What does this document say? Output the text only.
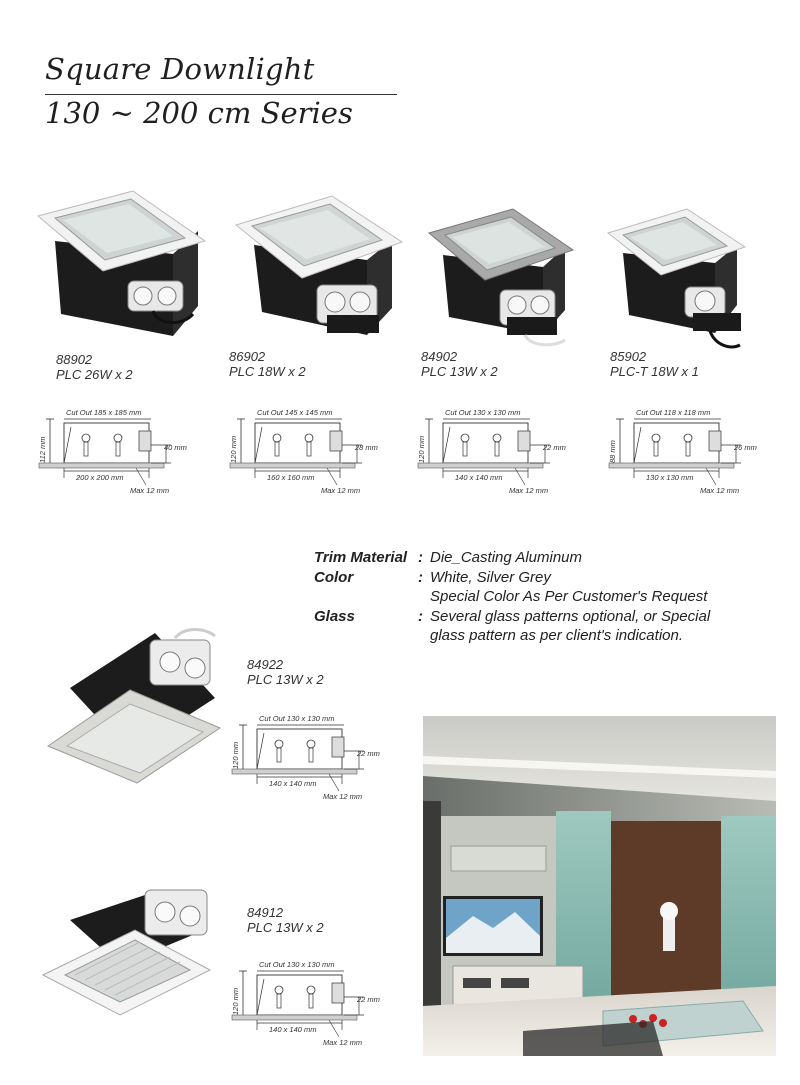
Square Downlight
130 ~ 200 cm Series
88902
PLC 26W x 2
86902
PLC 18W x 2
84902
PLC 13W x 2
85902
PLC-T 18W x 1
Cut Out 185 x 185 mm
112 mm	40 mm
200 x 200 mm
Max 12 mm
Cut Out 145 x 145 mm
120 mm	28 mm
160 x 160 mm
Max 12 mm
Cut Out 130 x 130 mm
120 mm	22 mm
140 x 140 mm
Max 12 mm
Cut Out 118 x 118 mm
88 mm	26 mm
130 x 130 mm
Max 12 mm
Trim Material : Die_Casting Aluminum
Color	: White, Silver Grey
Special Color As Per Customer's Request
Glass	: Several glass patterns optional, or Special
glass pattern as per client's indication.
84922
PLC 13W x 2
Cut Out 130 x 130 mm
120 mm	22 mm
140 x 140 mm
Max 12 mm
84912
PLC 13W x 2
Cut Out 130 x 130 mm
120 mm	22 mm
140 x 140 mm
Max 12 mm
